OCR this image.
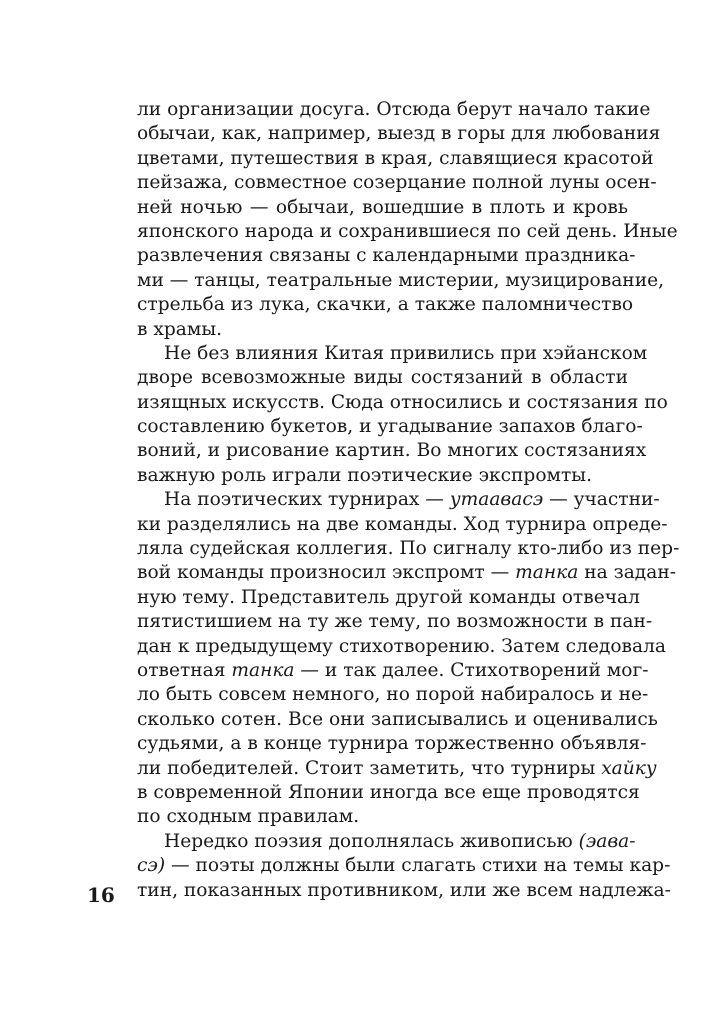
ли организации досуга. Отсюда берут начало такие
обычаи, как, например, выезд в горы для любования
цветами, путешествия в края, славящиеся красотой
пейзажа, совместное созерцание полной луны осен-
ней ночью — обычаи, вошедшие в плоть и кровь
японского народа и сохранившиеся по сей день. Иные
развлечения связаны с календарными праздника-
ми — танцы, театральные мистерии, музицирование,
стрельба из лука, скачки, а также паломничество
в храмы.
Не без влияния Китая привились при хэйанском
дворе всевозможные виды состязаний в области
изящных искусств. Сюда относились и состязания по
составлению букетов, и угадывание запахов благо-
воний, и рисование картин. Во многих состязаниях
важную роль играли поэтические экспромты.
На поэтических турнирах — утаавасэ — участни-
ки разделялись на две команды. Ход турнира опреде-
ляла судейская коллегия. По сигналу кто-либо из пер-
вой команды произносил экспромт — танка на задан-
ную тему. Представитель другой команды отвечал
пятистишием на ту же тему, по возможности в пан-
дан к предыдущему стихотворению. Затем следовала
ответная танка — и так далее. Стихотворений мог-
ло быть совсем немного, но порой набиралось и не-
сколько сотен. Все они записывались и оценивались
судьями, а в конце турнира торжественно объявля-
ли победителей. Стоит заметить, что турниры хайку
в современной Японии иногда все еще проводятся
по сходным правилам.
Нередко поэзия дополнялась живописью (эава-
сэ) — поэты должны были слагать стихи на темы кар-
тин, показанных противником, или же всем надлежа-
16
